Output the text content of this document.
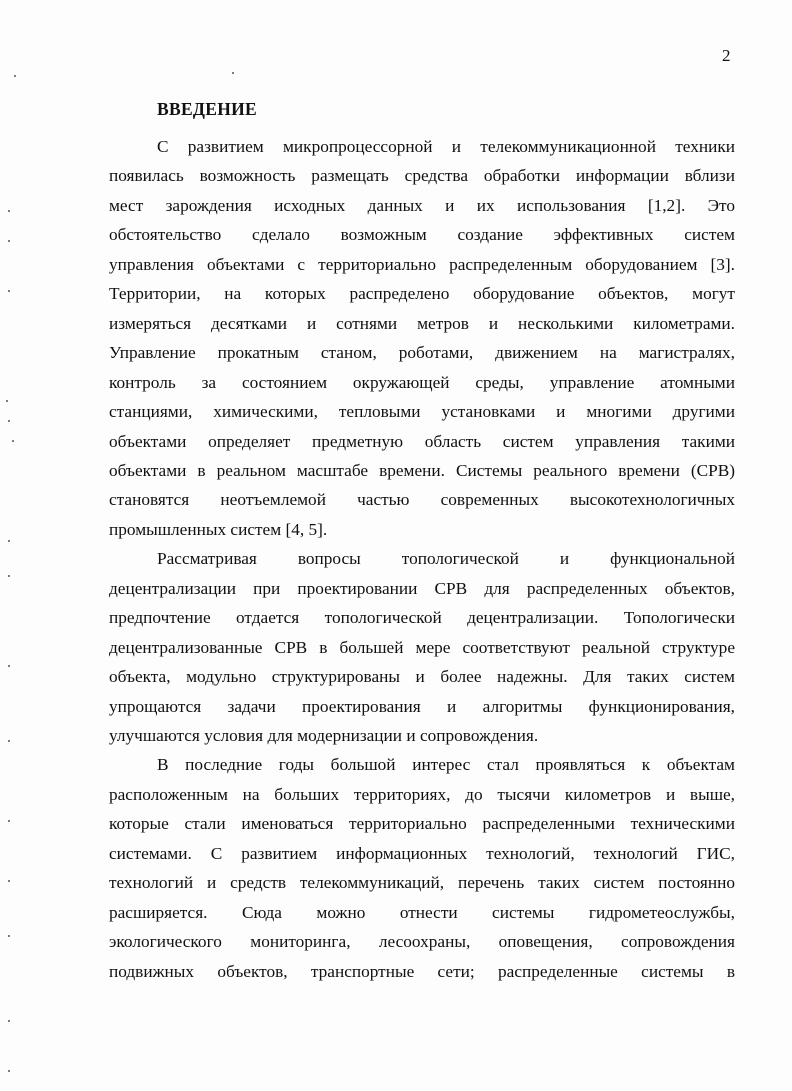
2
ВВЕДЕНИЕ
С развитием микропроцессорной и телекоммуникационной техники
появилась возможность размещать средства обработки информации вблизи
мест зарождения исходных данных и их использования [1,2]. Это
обстоятельство сделало возможным создание эффективных систем
управления объектами с территориально распределенным оборудованием [3].
Территории, на которых распределено оборудование объектов, могут
измеряться десятками и сотнями метров и несколькими километрами.
Управление прокатным станом, роботами, движением на магистралях,
контроль за состоянием окружающей среды, управление атомными
станциями, химическими, тепловыми установками и многими другими
объектами определяет предметную область систем управления такими
объектами в реальном масштабе времени. Системы реального времени (СРВ)
становятся неотъемлемой частью современных высокотехнологичных
промышленных систем [4, 5].
Рассматривая вопросы топологической и функциональной
децентрализации при проектировании СРВ для распределенных объектов,
предпочтение отдается топологической децентрализации. Топологически
децентрализованные СРВ в большей мере соответствуют реальной структуре
объекта, модульно структурированы и более надежны. Для таких систем
упрощаются задачи проектирования и алгоритмы функционирования,
улучшаются условия для модернизации и сопровождения.
В последние годы большой интерес стал проявляться к объектам
расположенным на больших территориях, до тысячи километров и выше,
которые стали именоваться территориально распределенными техническими
системами. С развитием информационных технологий, технологий ГИС,
технологий и средств телекоммуникаций, перечень таких систем постоянно
расширяется. Сюда можно отнести системы гидрометеослужбы,
экологического мониторинга, лесоохраны, оповещения, сопровождения
подвижных объектов, транспортные сети; распределенные системы в
